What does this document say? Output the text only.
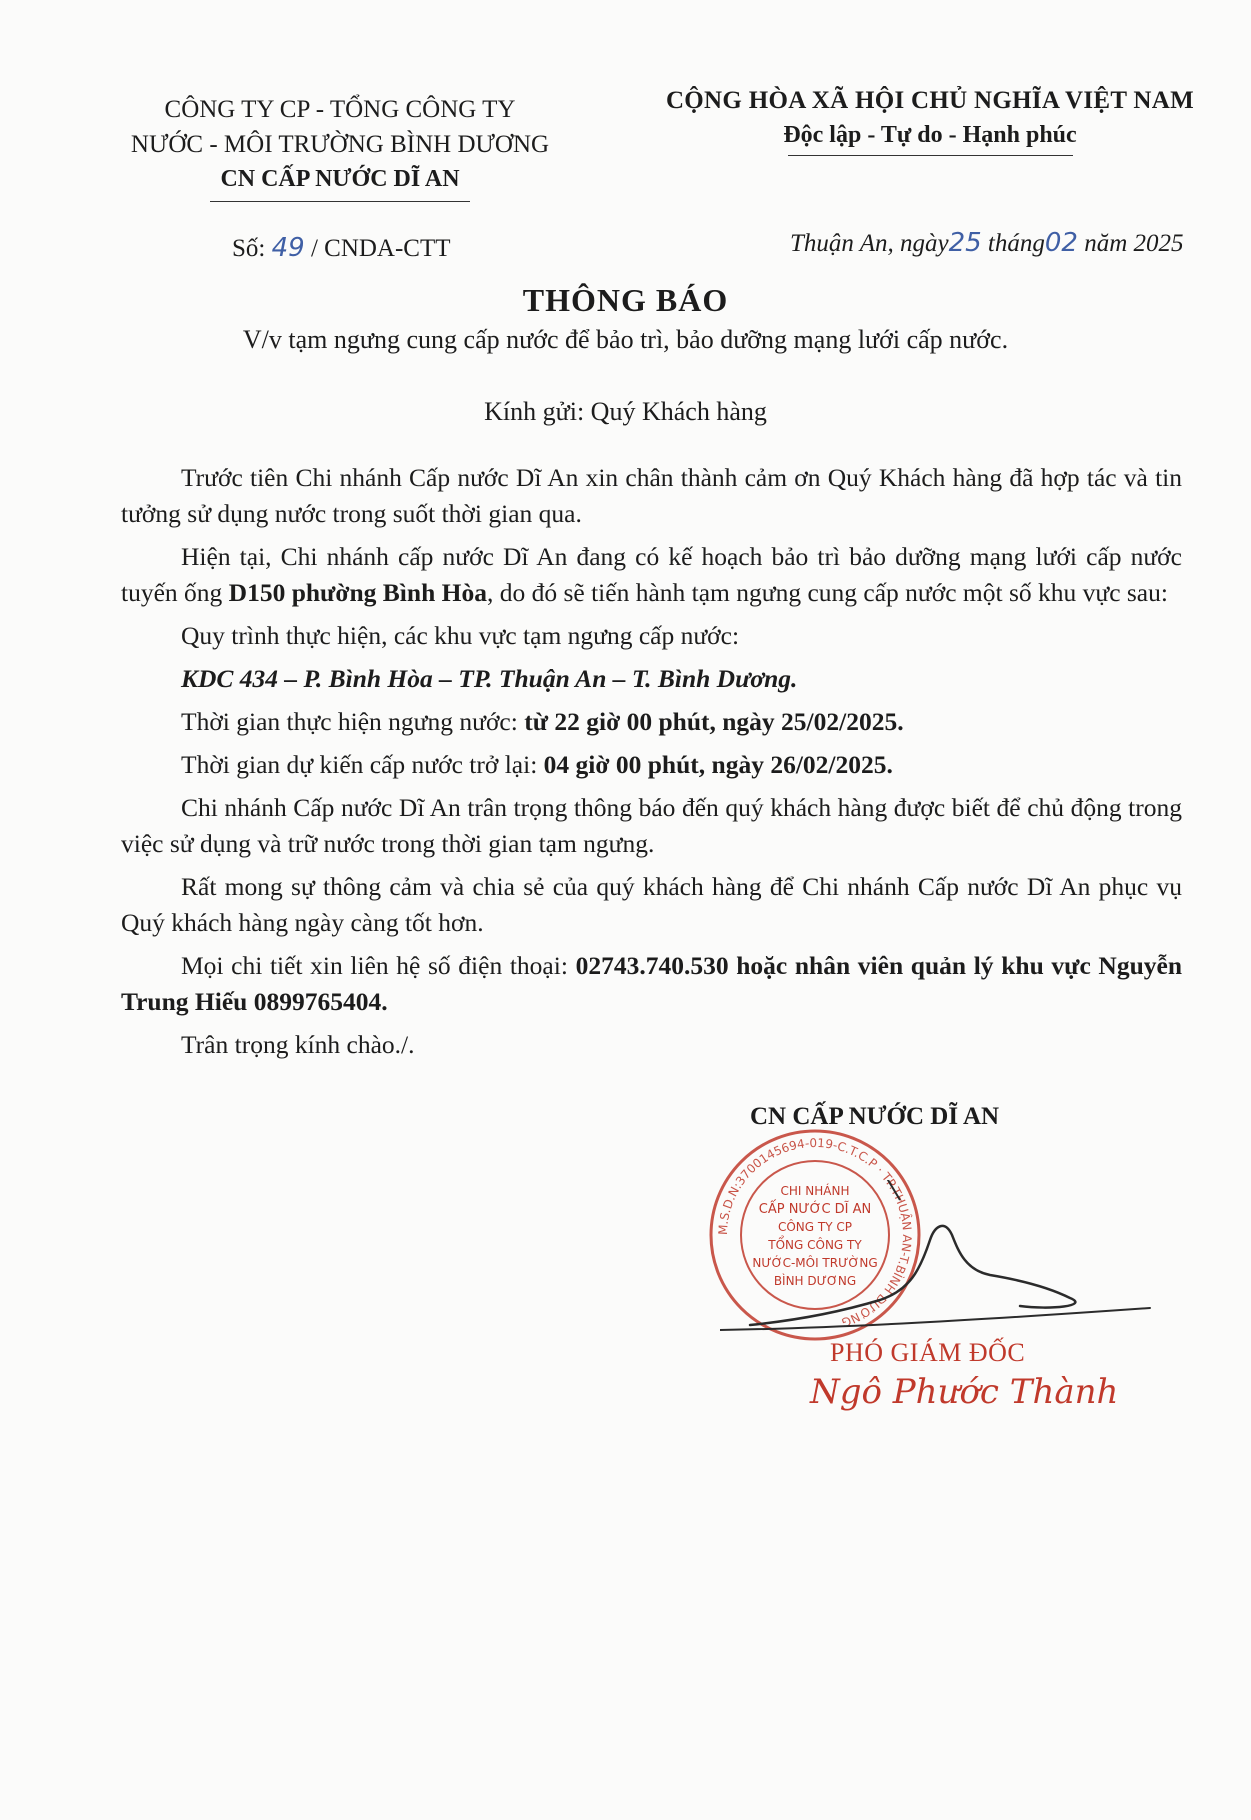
CÔNG TY CP - TỔNG CÔNG TY
NƯỚC - MÔI TRƯỜNG BÌNH DƯƠNG
CN CẤP NƯỚC DĨ AN
CỘNG HÒA XÃ HỘI CHỦ NGHĨA VIỆT NAM
Độc lập - Tự do - Hạnh phúc
Số: 49 / CNDA-CTT	Thuận An, ngày25 tháng02 năm 2025
THÔNG BÁO
V/v tạm ngưng cung cấp nước để bảo trì, bảo dưỡng mạng lưới cấp nước.
Kính gửi: Quý Khách hàng

Trước tiên Chi nhánh Cấp nước Dĩ An xin chân thành cảm ơn Quý Khách hàng đã hợp tác và tin tưởng sử dụng nước trong suốt thời gian qua.

Hiện tại, Chi nhánh cấp nước Dĩ An đang có kế hoạch bảo trì bảo dưỡng mạng lưới cấp nước tuyến ống D150 phường Bình Hòa, do đó sẽ tiến hành tạm ngưng cung cấp nước một số khu vực sau:

Quy trình thực hiện, các khu vực tạm ngưng cấp nước:

KDC 434 – P. Bình Hòa – TP. Thuận An – T. Bình Dương.

Thời gian thực hiện ngưng nước: từ 22 giờ 00 phút, ngày 25/02/2025.

Thời gian dự kiến cấp nước trở lại: 04 giờ 00 phút, ngày 26/02/2025.

Chi nhánh Cấp nước Dĩ An trân trọng thông báo đến quý khách hàng được biết để chủ động trong việc sử dụng và trữ nước trong thời gian tạm ngưng.

Rất mong sự thông cảm và chia sẻ của quý khách hàng để Chi nhánh Cấp nước Dĩ An phục vụ Quý khách hàng ngày càng tốt hơn.

Mọi chi tiết xin liên hệ số điện thoại: 02743.740.530 hoặc nhân viên quản lý khu vực Nguyễn Trung Hiếu 0899765404.

Trân trọng kính chào./.

CN CẤP NƯỚC DĨ AN
M.S.D.N:3700145694-019-C.T.C.P · TP.THUẬN AN-T.BÌNH DƯƠNG
CHI NHÁNH
CẤP NƯỚC DĨ AN
CÔNG TY CP
TỔNG CÔNG TY
NƯỚC-MÔI TRƯỜNG
BÌNH DƯƠNG
PHÓ GIÁM ĐỐC
Ngô Phước Thành
